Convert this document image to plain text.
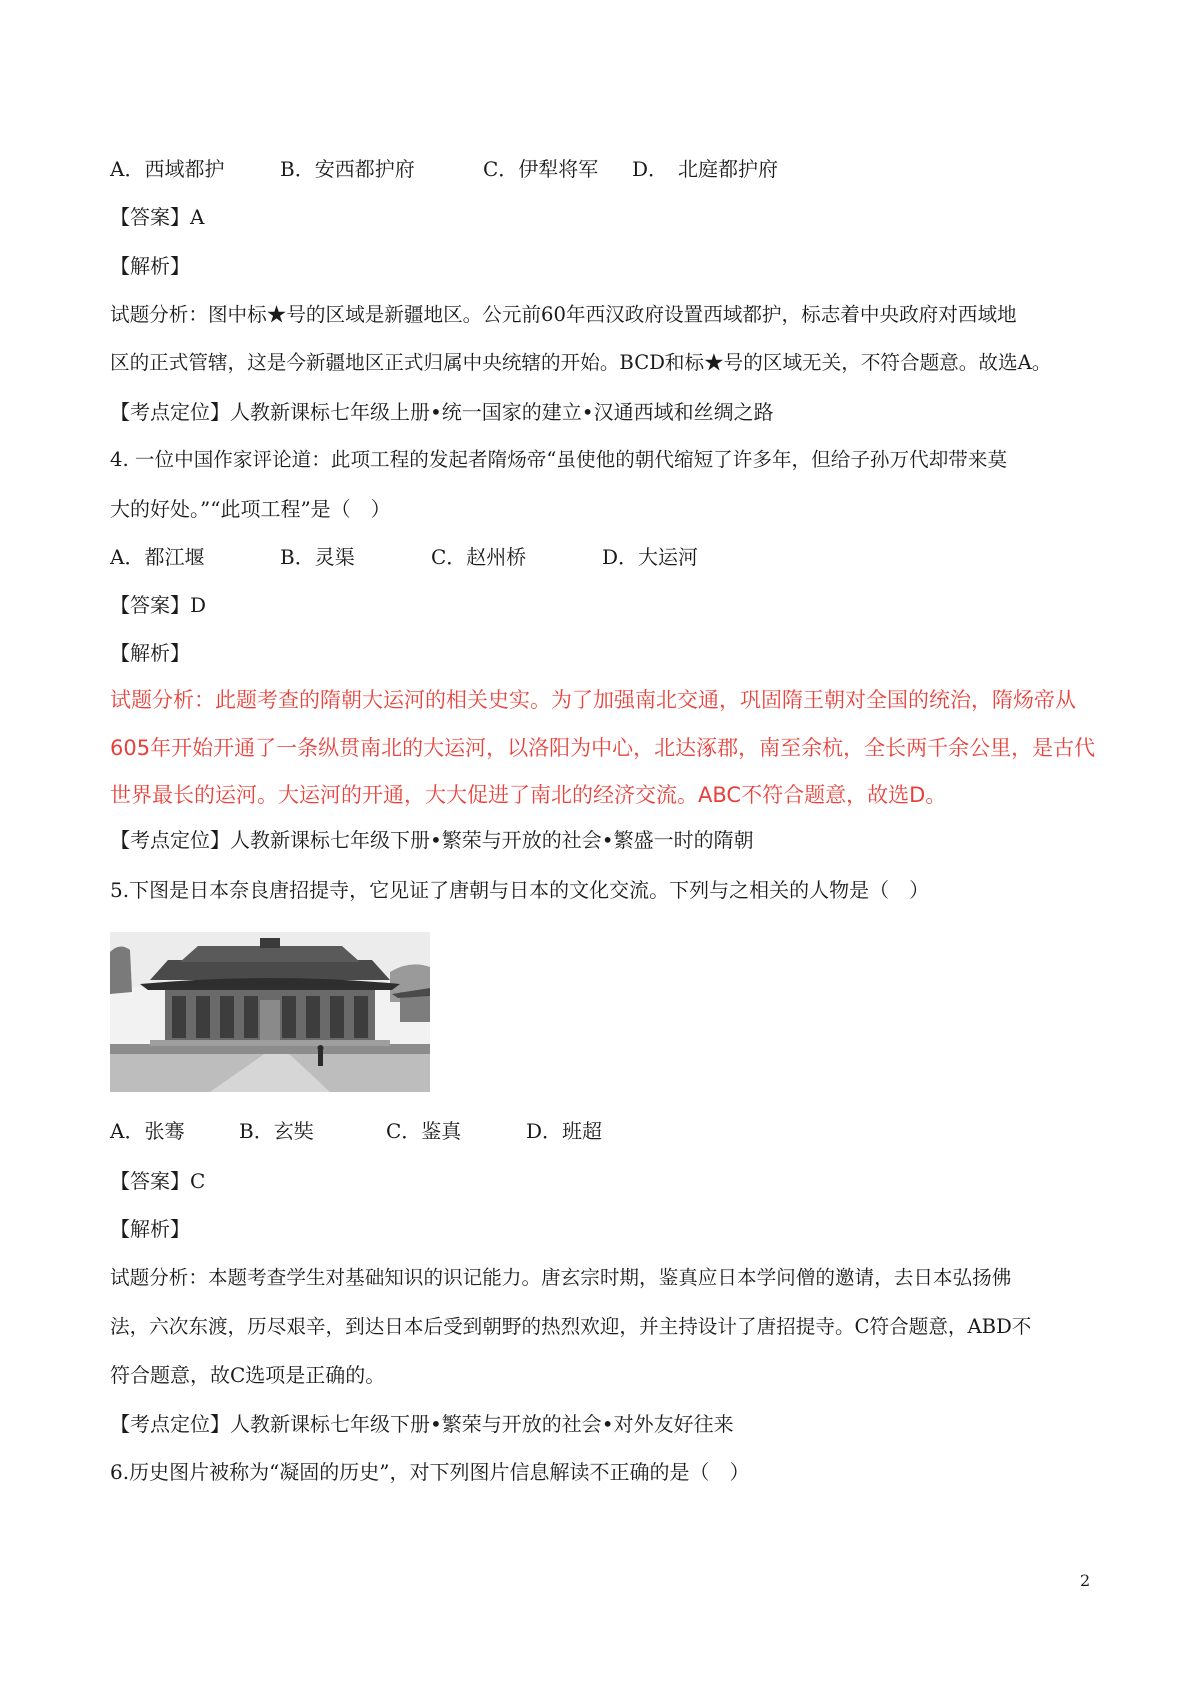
A．西域都护	B．安西都护府	C．伊犁将军 D．　北庭都护府
【答案】A
【解析】
试题分析：图中标★号的区域是新疆地区。公元前60年西汉政府设置西域都护，标志着中央政府对西域地
区的正式管辖，这是今新疆地区正式归属中央统辖的开始。BCD和标★号的区域无关，不符合题意。故选A。
【考点定位】人教新课标七年级上册•统一国家的建立•汉通西域和丝绸之路
4. 一位中国作家评论道：此项工程的发起者隋炀帝“虽使他的朝代缩短了许多年，但给子孙万代却带来莫
大的好处。”“此项工程”是（　）
A．都江堰	B．灵渠	C．赵州桥	D．大运河
【答案】D
【解析】
试题分析：此题考查的隋朝大运河的相关史实。为了加强南北交通，巩固隋王朝对全国的统治，隋炀帝从
605年开始开通了一条纵贯南北的大运河，以洛阳为中心，北达涿郡，南至余杭，全长两千余公里，是古代
世界最长的运河。大运河的开通，大大促进了南北的经济交流。ABC不符合题意，故选D。
【考点定位】人教新课标七年级下册•繁荣与开放的社会•繁盛一时的隋朝
5.下图是日本奈良唐招提寺，它见证了唐朝与日本的文化交流。下列与之相关的人物是（　）
A．张骞	B．玄奘	C．鉴真	D．班超
【答案】C
【解析】
试题分析：本题考查学生对基础知识的识记能力。唐玄宗时期，鉴真应日本学问僧的邀请，去日本弘扬佛
法，六次东渡，历尽艰辛，到达日本后受到朝野的热烈欢迎，并主持设计了唐招提寺。C符合题意，ABD不
符合题意，故C选项是正确的。
【考点定位】人教新课标七年级下册•繁荣与开放的社会•对外友好往来
6.历史图片被称为“凝固的历史”，对下列图片信息解读不正确的是（　）
2
